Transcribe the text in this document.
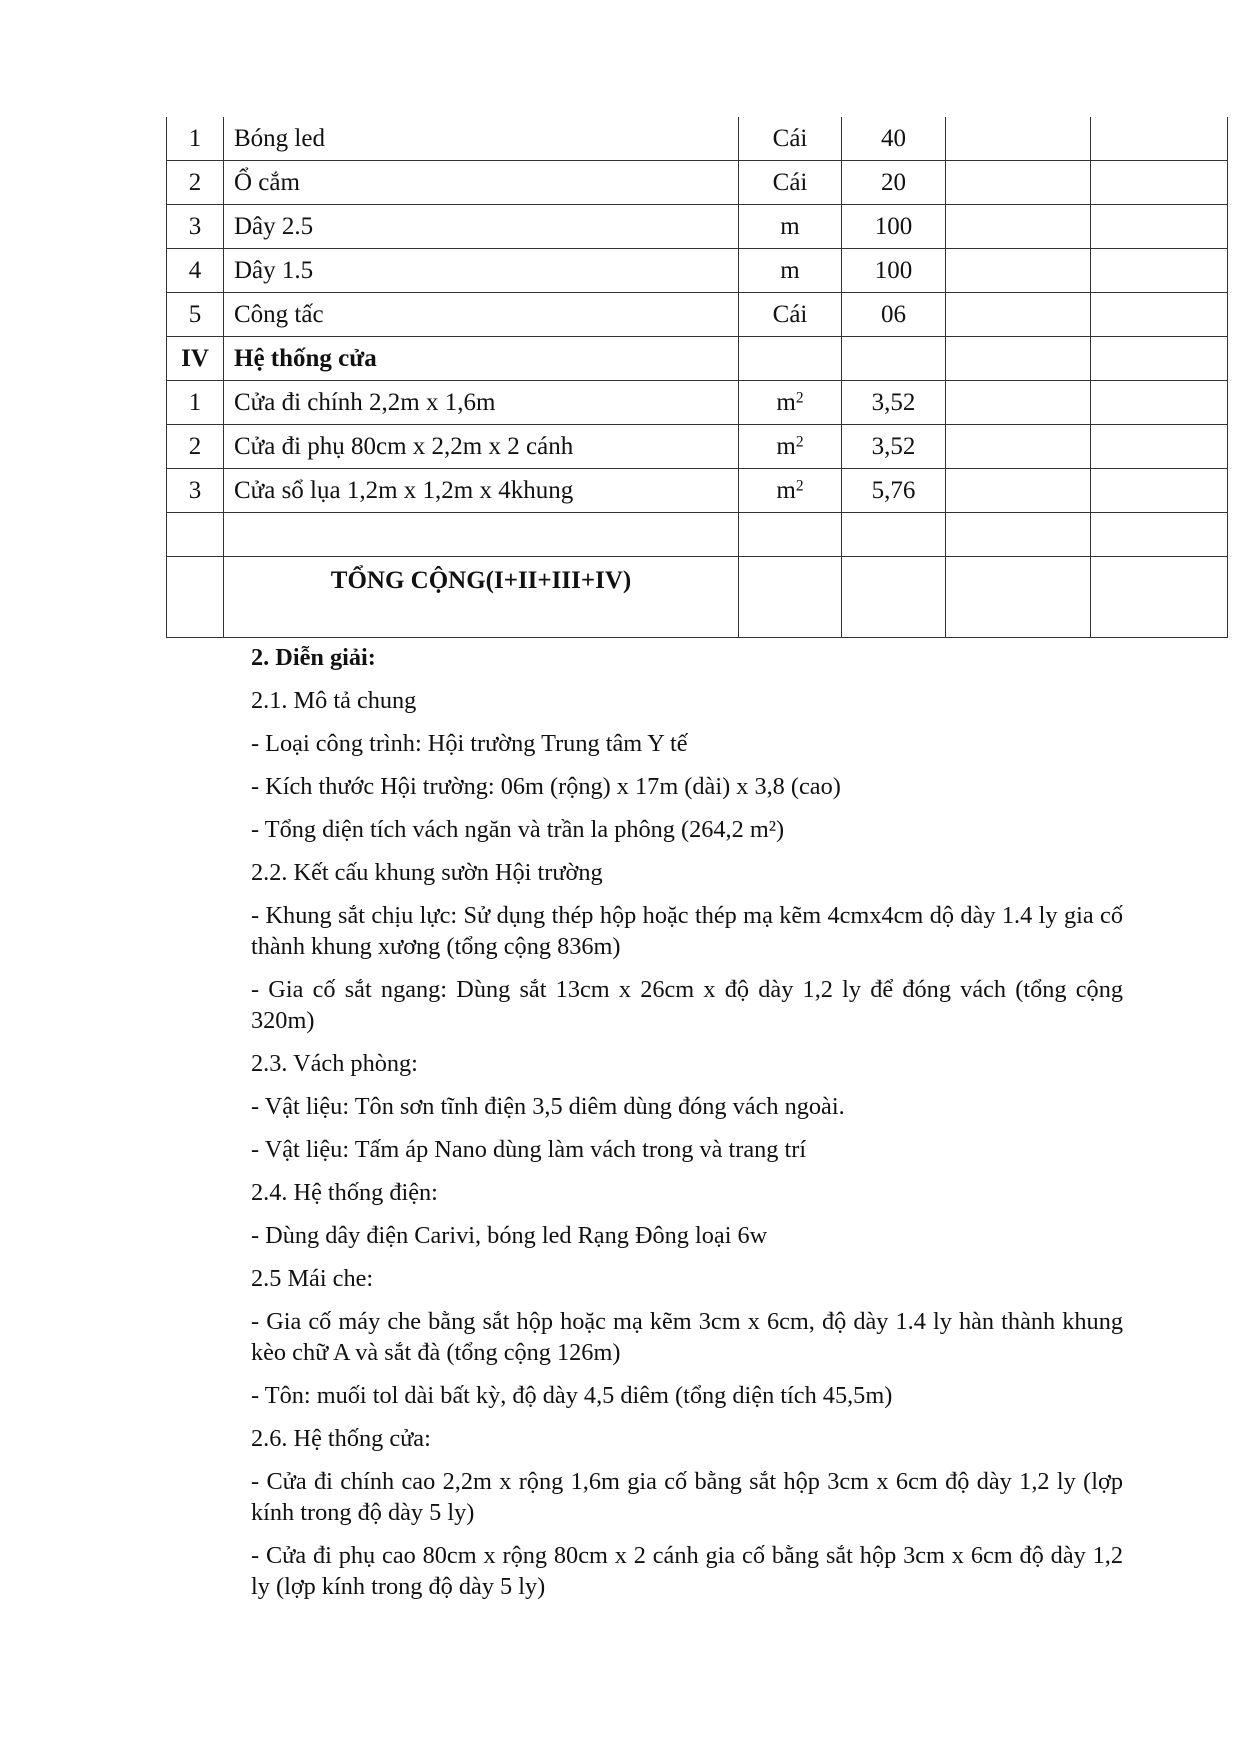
1	Bóng led	Cái	40		
2	Ổ cắm	Cái	20		
3	Dây 2.5	m	100		
4	Dây 1.5	m	100		
5	Công tấc	Cái	06		
IV	Hệ thống cửa				
1	Cửa đi chính 2,2m x 1,6m	$m^2$	3,52		
2	Cửa đi phụ 80cm x 2,2m x 2 cánh	$m^2$	3,52		
3	Cửa sổ lụa 1,2m x 1,2m x 4khung	$m^2$	5,76		

	TỔNG CỘNG(I+II+III+IV)				

2. Diễn giải:

2.1. Mô tả chung

- Loại công trình: Hội trường Trung tâm Y tế

- Kích thước Hội trường: 06m (rộng) x 17m (dài) x 3,8 (cao)

- Tổng diện tích vách ngăn và trần la phông (264,2 m²)

2.2. Kết cấu khung sườn Hội trường

- Khung sắt chịu lực: Sử dụng thép hộp hoặc thép mạ kẽm 4cmx4cm dộ dày 1.4 ly gia cố thành khung xương (tổng cộng 836m)

- Gia cố sắt ngang: Dùng sắt 13cm x 26cm x độ dày 1,2 ly để đóng vách (tổng cộng 320m)

2.3. Vách phòng:

- Vật liệu: Tôn sơn tĩnh điện 3,5 diêm dùng đóng vách ngoài.

- Vật liệu: Tấm áp Nano dùng làm vách trong và trang trí

2.4. Hệ thống điện:

- Dùng dây điện Carivi, bóng led Rạng Đông loại 6w

2.5 Mái che:

- Gia cố máy che bằng sắt hộp hoặc mạ kẽm 3cm x 6cm, độ dày 1.4 ly hàn thành khung kèo chữ A và sắt đà (tổng cộng 126m)

- Tôn: muối tol dài bất kỳ, độ dày 4,5 diêm (tổng diện tích 45,5m)

2.6. Hệ thống cửa:

- Cửa đi chính cao 2,2m x rộng 1,6m gia cố bằng sắt hộp 3cm x 6cm độ dày 1,2 ly (lợp kính trong độ dày 5 ly)

- Cửa đi phụ cao 80cm x rộng 80cm x 2 cánh gia cố bằng sắt hộp 3cm x 6cm độ dày 1,2 ly (lợp kính trong độ dày 5 ly)
